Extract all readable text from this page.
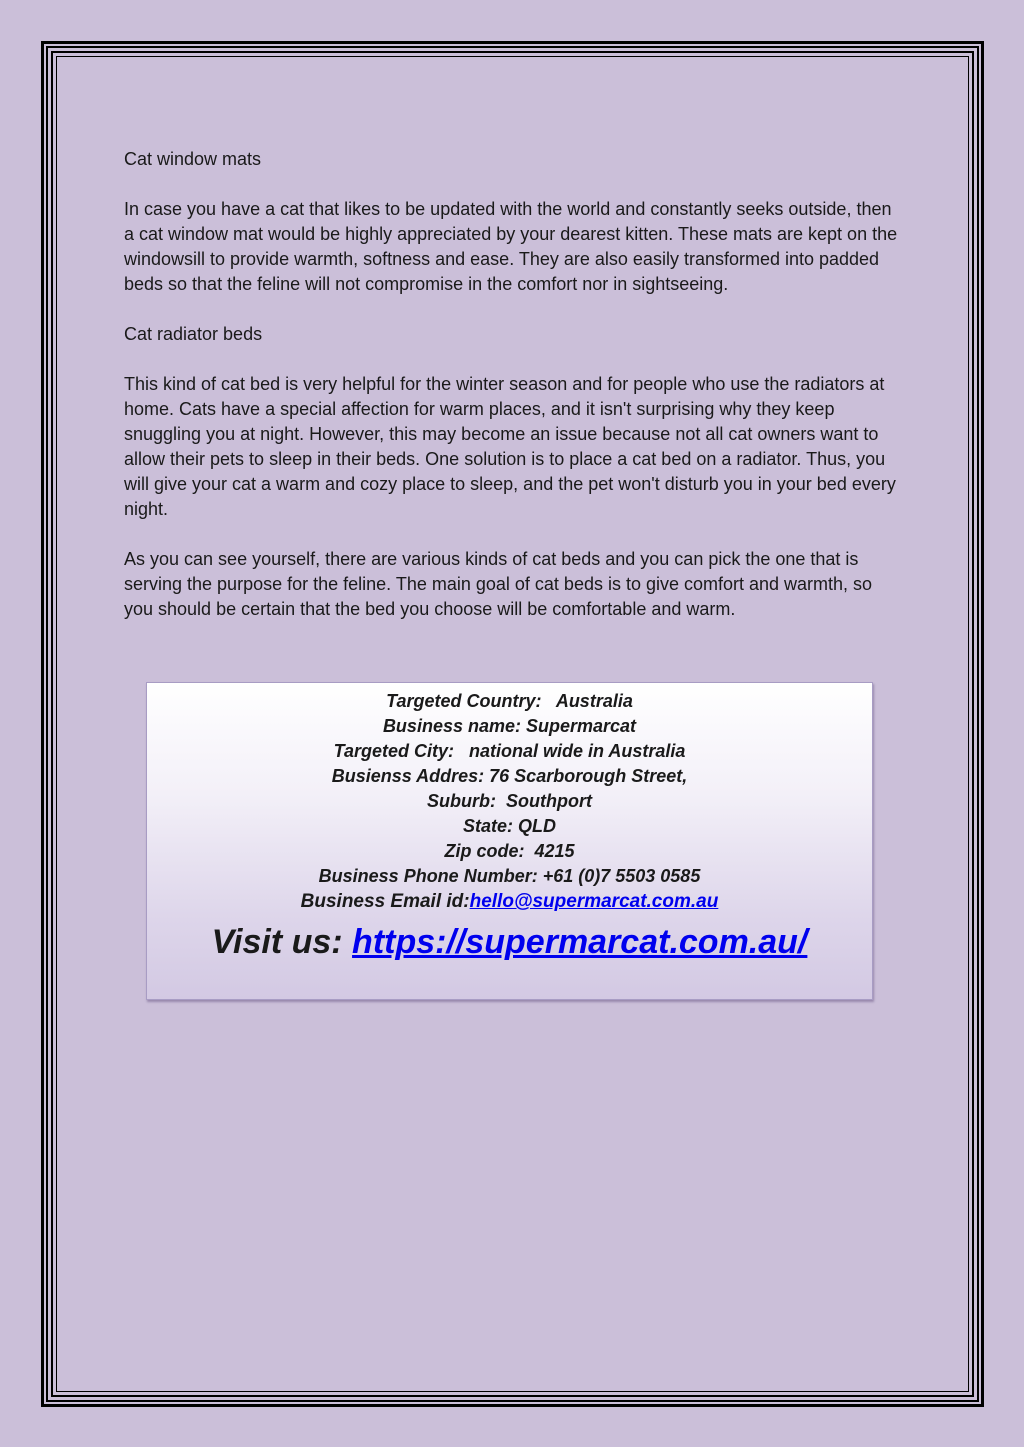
Cat window mats

In case you have a cat that likes to be updated with the world and constantly seeks outside, then a cat window mat would be highly appreciated by your dearest kitten. These mats are kept on the windowsill to provide warmth, softness and ease. They are also easily transformed into padded beds so that the feline will not compromise in the comfort nor in sightseeing.

Cat radiator beds

This kind of cat bed is very helpful for the winter season and for people who use the radiators at home. Cats have a special affection for warm places, and it isn't surprising why they keep snuggling you at night. However, this may become an issue because not all cat owners want to allow their pets to sleep in their beds. One solution is to place a cat bed on a radiator. Thus, you will give your cat a warm and cozy place to sleep, and the pet won't disturb you in your bed every night.

As you can see yourself, there are various kinds of cat beds and you can pick the one that is serving the purpose for the feline. The main goal of cat beds is to give comfort and warmth, so you should be certain that the bed you choose will be comfortable and warm.

Targeted Country:   Australia
Business name: Supermarcat
Targeted City:   national wide in Australia
Busienss Addres: 76 Scarborough Street,
Suburb:  Southport
State: QLD
Zip code:  4215
Business Phone Number: +61 (0)7 5503 0585
Business Email id:hello@supermarcat.com.au
Visit us: https://supermarcat.com.au/
